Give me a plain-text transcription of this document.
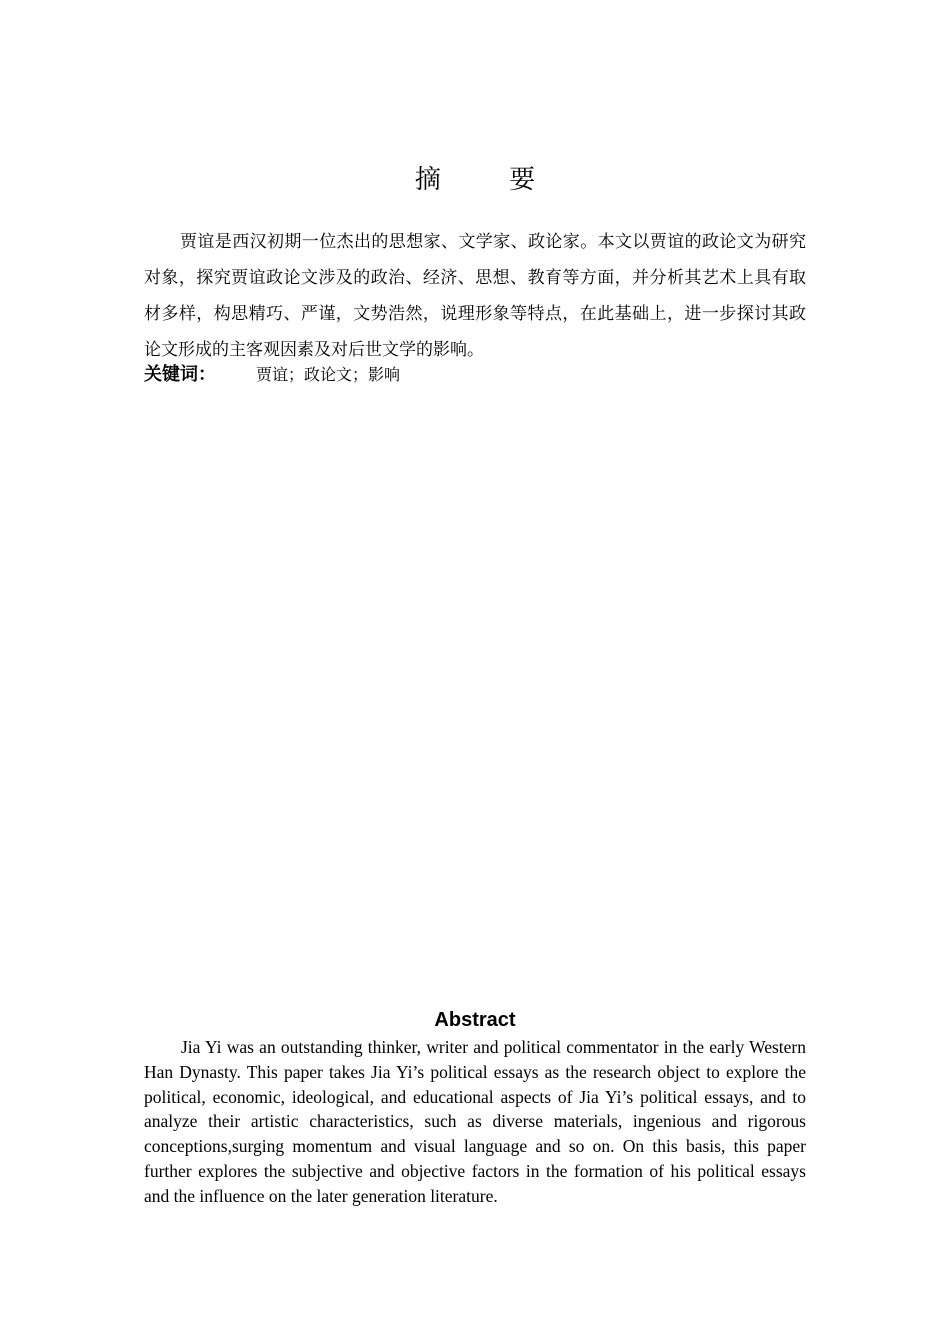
摘 要

贾谊是西汉初期一位杰出的思想家、文学家、政论家。本文以贾谊的政论文为研究对象，探究贾谊政论文涉及的政治、经济、思想、教育等方面，并分析其艺术上具有取材多样，构思精巧、严谨，文势浩然，说理形象等特点，在此基础上，进一步探讨其政论文形成的主客观因素及对后世文学的影响。

关键词：	贾谊；政论文；影响

Abstract

Jia Yi was an outstanding thinker, writer and political commentator in the early Western Han Dynasty. This paper takes Jia Yi’s political essays as the research object to explore the political, economic, ideological, and educational aspects of Jia Yi’s political essays, and to analyze their artistic characteristics, such as diverse materials, ingenious and rigorous conceptions,surging momentum and visual language and so on. On this basis, this paper further explores the subjective and objective factors in the formation of his political essays and the influence on the later generation literature.
